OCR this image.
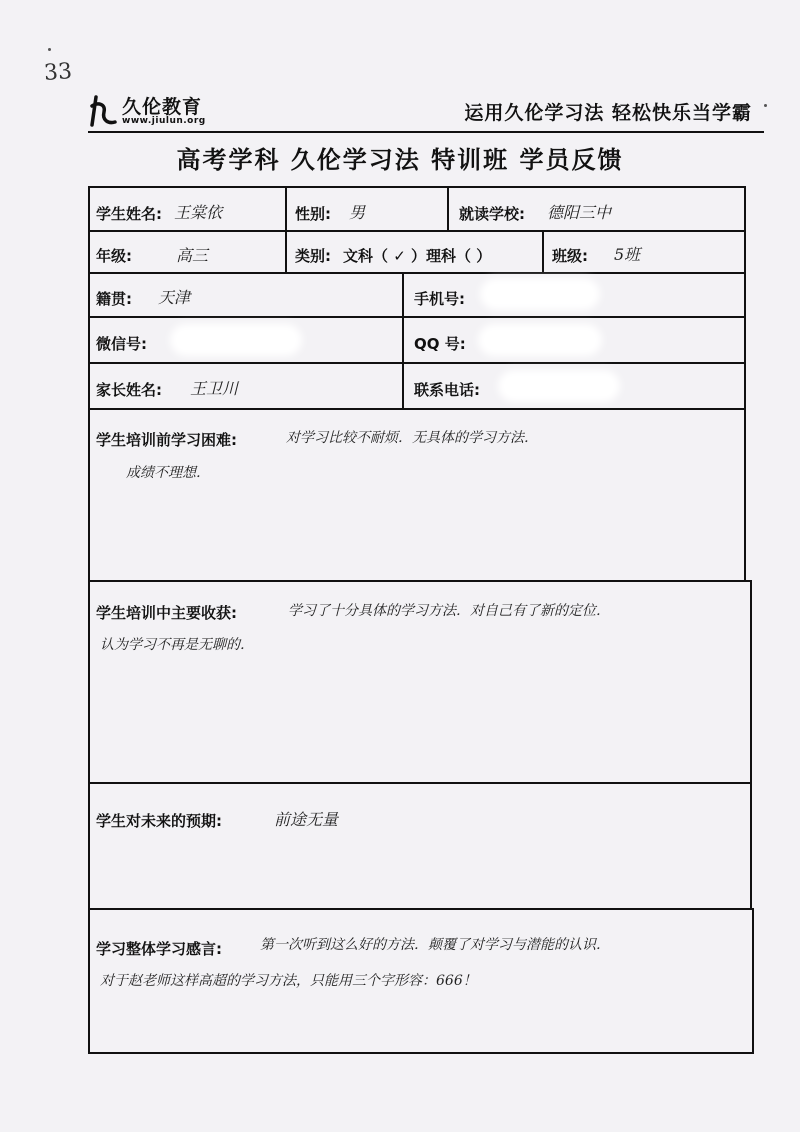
33
久伦教育
www.jiulun.org	运用久伦学习法 轻松快乐当学霸
高考学科 久伦学习法 特训班 学员反馈
学生姓名: 王棠依	性别: 男	就读学校: 德阳三中
年级:	高三	类别: 文科（ ✓ ）理科（ ）	班级: 5班
籍贯: 天津	手机号:
微信号:	QQ 号:
家长姓名: 王卫川	联系电话:
学生培训前学习困难:	对学习比较不耐烦．无具体的学习方法．
成绩不理想．
学生培训中主要收获:	学习了十分具体的学习方法．对自己有了新的定位．
认为学习不再是无聊的．
学生对未来的预期:	前途无量
学习整体学习感言:	第一次听到这么好的方法．颠覆了对学习与潜能的认识．
对于赵老师这样高超的学习方法，只能用三个字形容：666！
